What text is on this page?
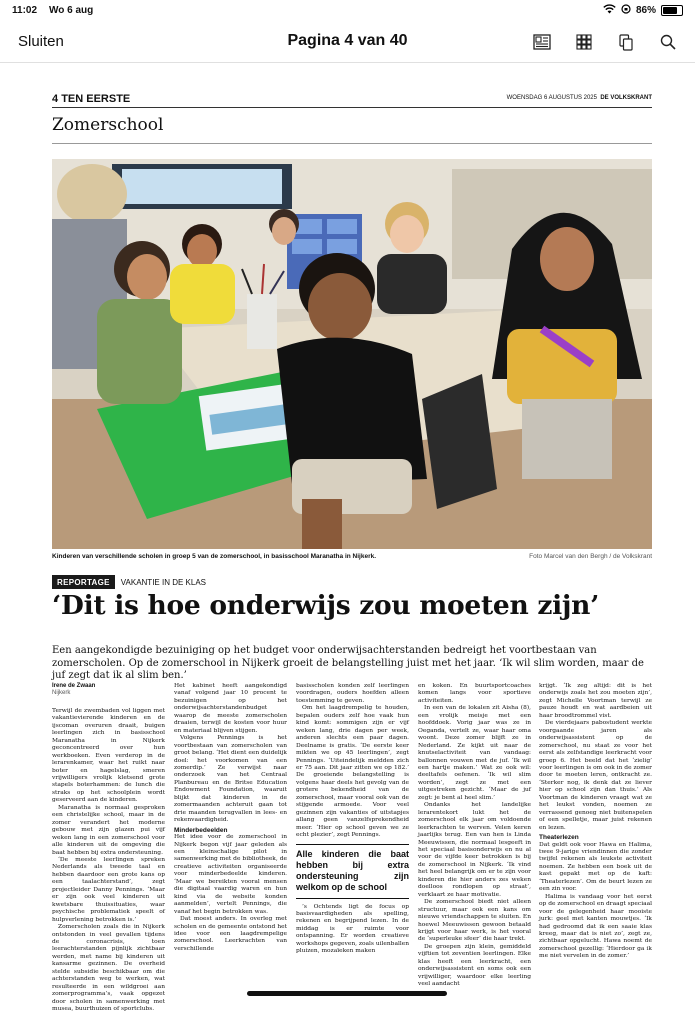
11:02 Wo 6 aug	86%
Sluiten	Pagina 4 van 40
4 TEN EERSTE	WOENSDAG 6 AUGUSTUS 2025 DE VOLKSKRANT
Zomerschool
Kinderen van verschillende scholen in groep 5 van de zomerschool, in basisschool Maranatha in Nijkerk.	Foto Marcel van den Bergh / de Volkskrant
REPORTAGE	VAKANTIE IN DE KLAS
‘Dit is hoe onderwijs zou moeten zijn’
Een aangekondigde bezuiniging op het budget voor onderwijsachterstanden bedreigt het voortbestaan van zomerscholen. Op de zomerschool in Nijkerk groeit de belangstelling juist met het jaar. ‘Ik wil slim worden, maar de juf zegt dat ik al slim ben.’
Irene de Zwaan
Nijkerk

Terwijl de zwembaden vol liggen met vakantievierende kinderen en de ijscoman overuren draait, buigen leerlingen zich in basisschool Maranatha in Nijkerk geconcentreerd over hun werkboeken. Even verderop in de lerarenkamer, waar het ruikt naar boter en hagelslag, smeren vrijwilligers vrolijk kletsend grote stapels boterhammen: de lunch die straks op het schoolplein wordt geserveerd aan de kinderen.

Maranatha is normaal gesproken een christelijke school, maar in de zomer verandert het moderne gebouw met zijn glazen pui vijf weken lang in een zomerschool voor alle kinderen uit de omgeving die baat hebben bij extra ondersteuning.

‘De meeste leerlingen spreken Nederlands als tweede taal en hebben daardoor een grote kans op een taalachterstand’, zegt projectleider Danny Pennings. ‘Maar er zijn ook veel kinderen uit kwetsbare thuissituaties, waar psychische problematiek speelt of hulpverlening betrokken is.’

Zomerscholen zoals die in Nijkerk ontstonden in veel gevallen tijdens de coronacrisis, toen leerachterstanden pijnlijk zichtbaar werden, met name bij kinderen uit kansarme gezinnen. De overheid stelde subsidie beschikbaar om die achterstanden weg te werken, wat resulteerde in een wildgroei aan zomerprogramma’s, vaak opgezet door scholen in samenwerking met musea, buurthuizen of sportclubs.

Het kabinet heeft aangekondigd vanaf volgend jaar 10 procent te bezuinigen op het onderwijsachterstandenbudget waarop de meeste zomerscholen draaien, terwijl de kosten voor huur en materiaal blijven stijgen.

Volgens Pennings is het voortbestaan van zomerscholen van groot belang. ‘Het dient een duidelijk doel: het voorkomen van een zomerdip.’ Ze verwijst naar onderzoek van het Centraal Planbureau en de Britse Education Endowment Foundation, waaruit blijkt dat kinderen in de zomermaanden achteruit gaan tot drie maanden terugvallen in lees- en rekenvaardigheid.

Minderbedeelden

Het idee voor de zomerschool in Nijkerk begon vijf jaar geleden als een kleinschalige pilot in samenwerking met de bibliotheek, de creatieve activiteiten organiseerde voor minderbedeelde kinderen. ‘Maar we bereikten vooral mensen die digitaal vaardig waren en hun kind via de website konden aanmelden’, vertelt Pennings, die vanaf het begin betrokken was.

Dat moest anders. In overleg met scholen en de gemeente ontstond het idee voor een laagdrempelige zomerschool. Leerkrachten van verschillende

basisscholen konden zelf leerlingen voordragen, ouders hoefden alleen toestemming te geven.

Om het laagdrempelig te houden, bepalen ouders zelf hoe vaak hun kind komt: sommigen zijn er vijf weken lang, drie dagen per week, anderen slechts een paar dagen. Deelname is gratis. ‘De eerste keer mikten we op 45 leerlingen’, zegt Pennings. ‘Uiteindelijk meldden zich er 75 aan. Dit jaar zitten we op 182.’ De groeiende belangstelling is volgens haar deels het gevolg van de grotere bekendheid van de zomerschool, maar vooral ook van de stijgende armoede. Voor veel gezinnen zijn vakanties of uitstapjes allang geen vanzelfsprekendheid meer. ‘Hier op school geven we ze echt plezier’, zegt Pennings.

Alle kinderen die baat hebben bij extra ondersteuning zijn welkom op de school

’s Ochtends ligt de focus op basisvaardigheden als spelling, rekenen en begrijpend lezen. In de middag is er ruimte voor ontspanning. Er worden creatieve workshops gegeven, zoals uilenballen pluizen, mozaïeken maken

en koken. En buurtsportcoaches komen langs voor sportieve activiteiten.

In een van de lokalen zit Aisha (8), een vrolijk meisje met een hoofddoek. Vorig jaar was ze in Oeganda, vertelt ze, waar haar oma woont. Deze zomer blijft ze in Nederland. Ze kijkt uit naar de knutselactiviteit van vandaag: ballonnen vouwen met de juf. ‘Ik wil een hartje maken.’ Wat ze ook wil: deeltafels oefenen. ‘Ik wil slim worden’, zegt ze met een uitgestreken gezicht. ‘Maar de juf zegt: je bent al heel slim.’

Ondanks het landelijke lerarentekort lukt het de zomerschool elk jaar om voldoende leerkrachten te werven. Velen keren jaarlijks terug. Een van hen is Linda Meeuwissen, die normaal lesgeeft in het speciaal basisonderwijs en nu al voor de vijfde keer betrokken is bij de zomerschool in Nijkerk. ‘Ik vind het heel belangrijk om er te zijn voor kinderen die hier anders zes weken doelloos rondlopen op straat’, verklaart ze haar motivatie.

De zomerschool biedt niet alleen structuur, maar ook een kans om nieuwe vriendschappen te sluiten. En hoewel Meeuwissen gewoon betaald krijgt voor haar werk, is het vooral de ‘superleuke sfeer’ die haar trekt.

De groepen zijn klein, gemiddeld vijftien tot zeventien leerlingen. Elke klas heeft een leerkracht, een onderwijsassistent en soms ook een vrijwilliger, waardoor elke leerling veel aandacht

krijgt. ‘Ik zeg altijd: dit is het onderwijs zoals het zou moeten zijn’, zegt Michelle Voortman terwijl ze pauze houdt en wat aardbeien uit haar broodtrommel vist.

De vierdejaars pabostudent werkte voorgaande jaren als onderwijsassistent op de zomerschool, nu staat ze voor het eerst als zelfstandige leerkracht voor groep 6. Het beeld dat het ‘zielig’ voor leerlingen is om ook in de zomer door te moeten leren, ontkracht ze. ‘Sterker nog, ik denk dat ze liever hier op school zijn dan thuis.’ Als Voortman de kinderen vraagt wat ze het leukst vonden, noemen ze verrassend genoeg niet buitenspelen of een spelletje, maar juist rekenen en lezen.

Theaterlezen

Dat geldt ook voor Hawa en Halima, twee 9-jarige vriendinnen die zonder twijfel rekenen als leukste activiteit noemen. Ze hebben een boek uit de kast gepakt met op de kaft: ‘Theaterlezen’. Om de beurt lezen ze een zin voor.

Halima is vandaag voor het eerst op de zomerschool en draagt speciaal voor de gelegenheid haar mooiste jurk: geel met kanten mouwtjes. ‘Ik had gedroomd dat ik een saaie klas kreeg, maar dat is niet zo’, zegt ze, zichtbaar opgelucht. Hawa noemt de zomerschool gezellig: ‘Hierdoor ga ik me niet vervelen in de zomer.’
